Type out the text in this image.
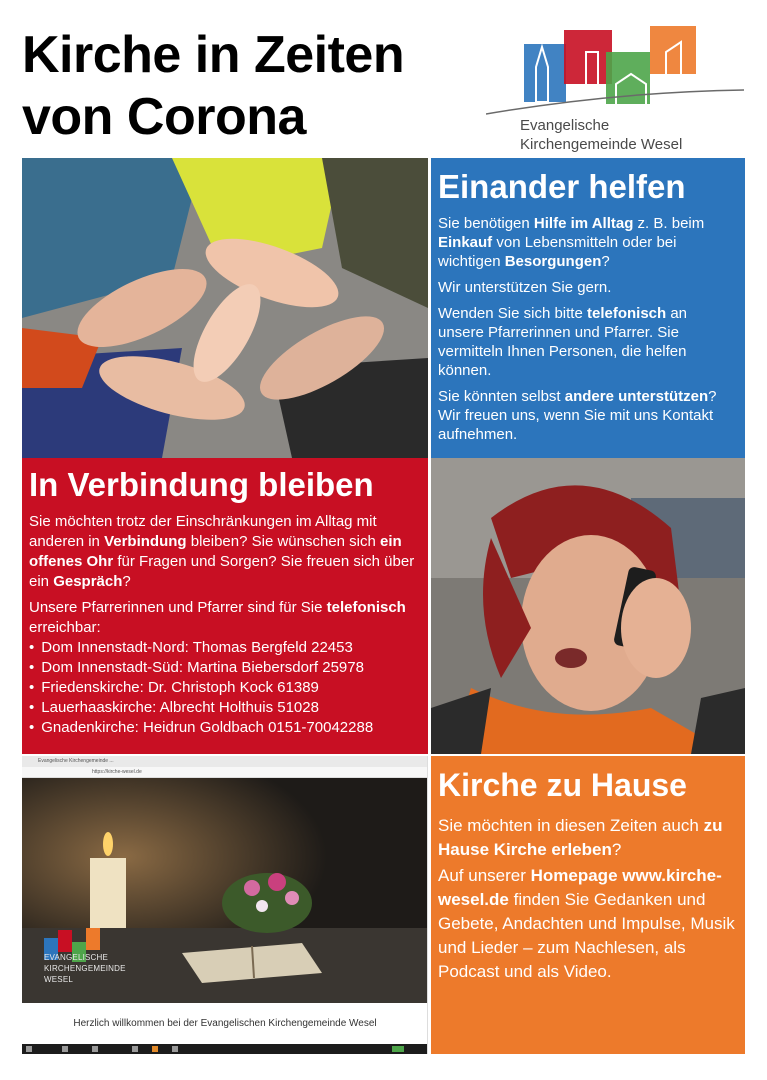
Kirche in Zeiten
von Corona	Evangelische
Kirchengemeinde Wesel
Einander helfen
Sie benötigen Hilfe im Alltag z. B. beim Einkauf von Lebensmitteln oder bei wichtigen Besorgungen?
Wir unterstützen Sie gern.
Wenden Sie sich bitte telefonisch an unsere Pfarrerinnen und Pfarrer. Sie vermitteln Ihnen Personen, die helfen können.
Sie könnten selbst andere unterstützen? Wir freuen uns, wenn Sie mit uns Kontakt aufnehmen.
In Verbindung bleiben
Sie möchten trotz der Einschränkungen im Alltag mit anderen in Verbindung bleiben? Sie wünschen sich ein offenes Ohr für Fragen und Sorgen? Sie freuen sich über ein Gespräch?
Unsere Pfarrerinnen und Pfarrer sind für Sie telefonisch erreichbar:
• Dom Innenstadt-Nord: Thomas Bergfeld 22453
• Dom Innenstadt-Süd: Martina Biebersdorf 25978
• Friedenskirche: Dr. Christoph Kock 61389
• Lauerhaaskirche: Albrecht Holthuis 51028
• Gnadenkirche: Heidrun Goldbach 0151-70042288
Evangelische Kirchengemeinde ...
https://kirche-wesel.de
EVANGELISCHE
KIRCHENGEMEINDE
WESEL
Herzlich willkommen bei der Evangelischen Kirchengemeinde Wesel
Kirche zu Hause
Sie möchten in diesen Zeiten auch zu Hause Kirche erleben?
Auf unserer Homepage www.kirche-wesel.de finden Sie Gedanken und Gebete, Andachten und Impulse, Musik und Lieder – zum Nachlesen, als Podcast und als Video.
